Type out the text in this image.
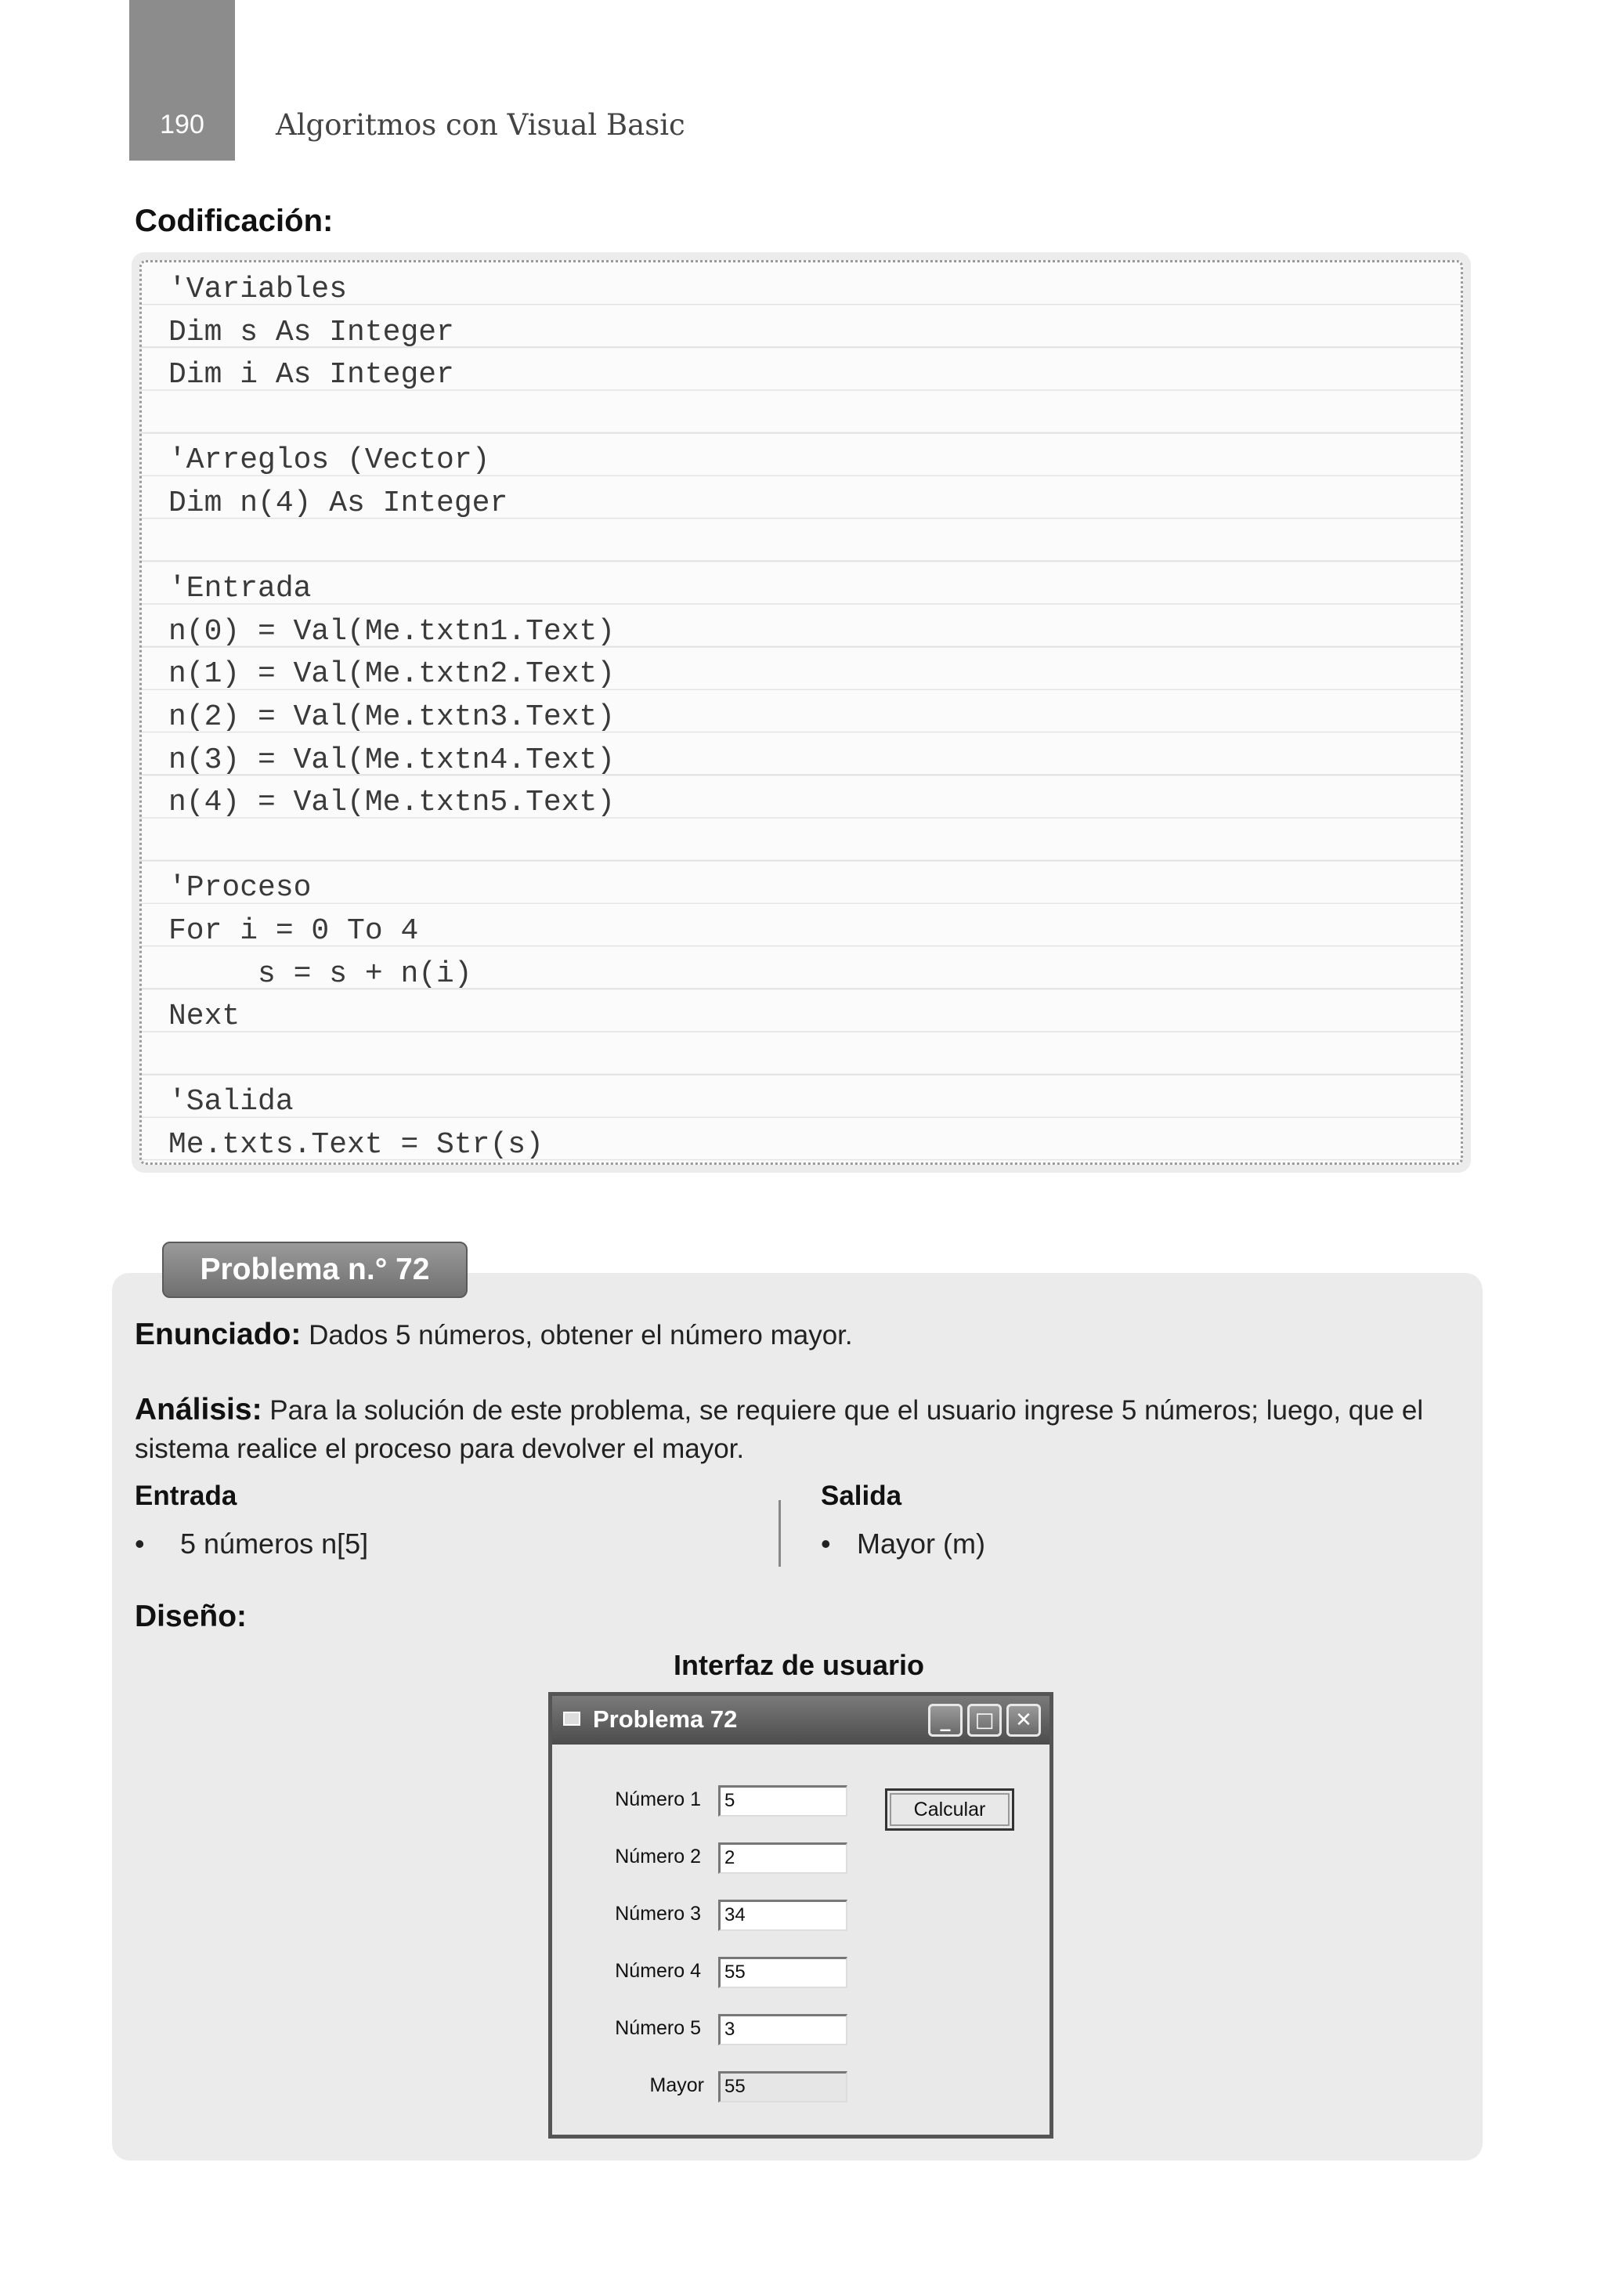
190	Algoritmos con Visual Basic
Codificación:
'Variables
Dim s As Integer
Dim i As Integer
'Arreglos (Vector)
Dim n(4) As Integer
'Entrada
n(0) = Val(Me.txtn1.Text)
n(1) = Val(Me.txtn2.Text)
n(2) = Val(Me.txtn3.Text)
n(3) = Val(Me.txtn4.Text)
n(4) = Val(Me.txtn5.Text)
'Proceso
For i = 0 To 4
s = s + n(i)
Next
'Salida
Me.txts.Text = Str(s)
Problema n.° 72
Enunciado: Dados 5 números, obtener el número mayor.
Análisis: Para la solución de este problema, se requiere que el usuario ingrese 5 números; luego, que el
sistema realice el proceso para devolver el mayor.
Entrada
• 5 números n[5]
Salida
• Mayor (m)
Diseño:
Interfaz de usuario
Problema 72	_	□	✕
Número 1	5
Número 2	2
Número 3	34
Número 4	55
Número 5	3
Mayor	55
Calcular
